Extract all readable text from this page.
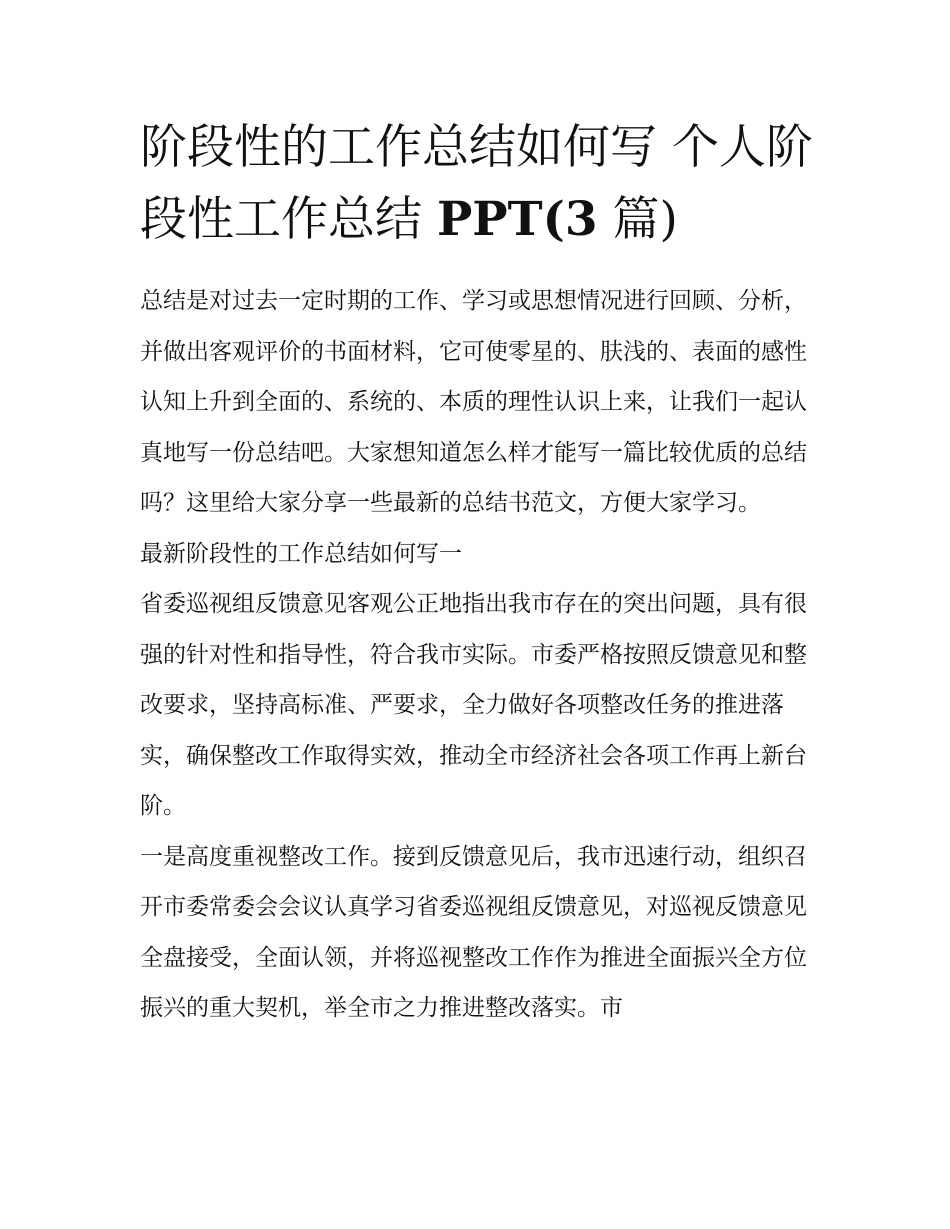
阶段性的工作总结如何写 个人阶段性工作总结 PPT(3 篇)

总结是对过去一定时期的工作、学习或思想情况进行回顾、分析，并做出客观评价的书面材料，它可使零星的、肤浅的、表面的感性认知上升到全面的、系统的、本质的理性认识上来，让我们一起认真地写一份总结吧。大家想知道怎么样才能写一篇比较优质的总结吗？这里给大家分享一些最新的总结书范文，方便大家学习。

最新阶段性的工作总结如何写一

省委巡视组反馈意见客观公正地指出我市存在的突出问题，具有很强的针对性和指导性，符合我市实际。市委严格按照反馈意见和整改要求，坚持高标准、严要求，全力做好各项整改任务的推进落实，确保整改工作取得实效，推动全市经济社会各项工作再上新台阶。

一是高度重视整改工作。接到反馈意见后，我市迅速行动，组织召开市委常委会会议认真学习省委巡视组反馈意见，对巡视反馈意见全盘接受，全面认领，并将巡视整改工作作为推进全面振兴全方位振兴的重大契机，举全市之力推进整改落实。市
